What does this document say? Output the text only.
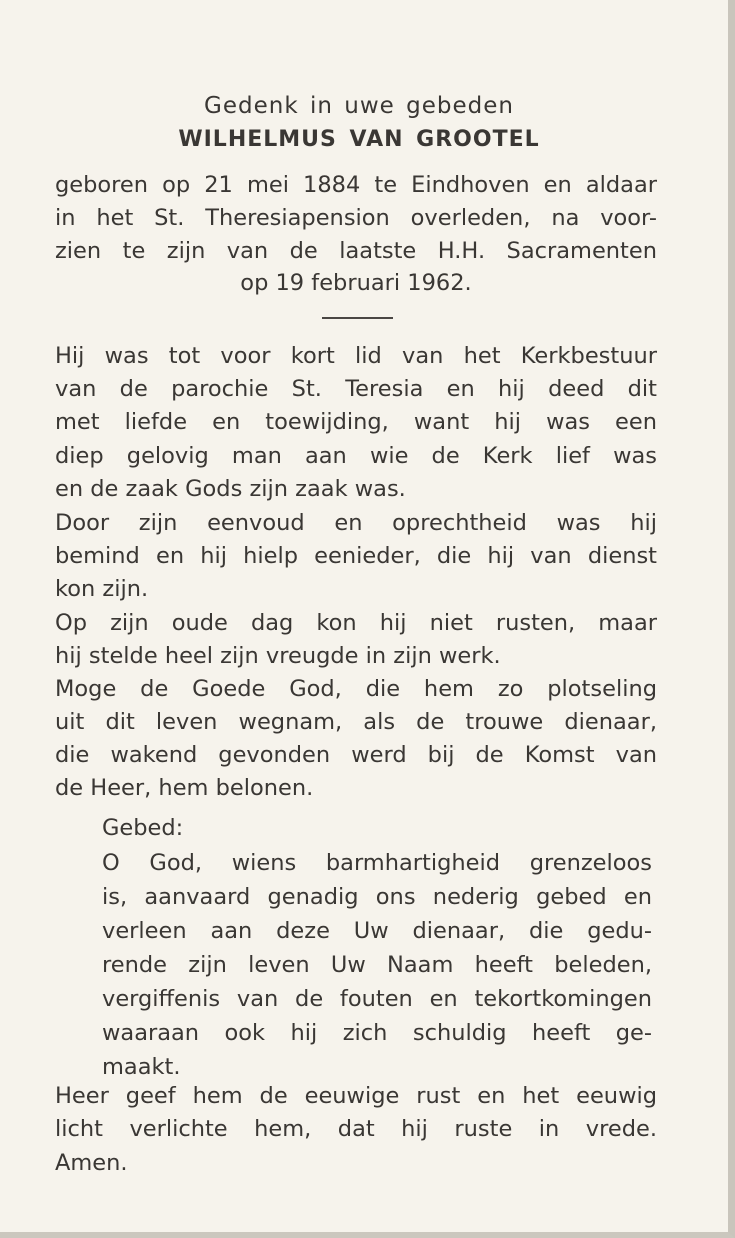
Gedenk in uwe gebeden
WILHELMUS VAN GROOTEL
geboren op 21 mei 1884 te Eindhoven en aldaar
in het St. Theresiapension overleden, na voor-
zien te zijn van de laatste H.H. Sacramenten
op 19 februari 1962.
Hij was tot voor kort lid van het Kerkbestuur
van de parochie St. Teresia en hij deed dit
met liefde en toewijding, want hij was een
diep gelovig man aan wie de Kerk lief was
en de zaak Gods zijn zaak was.
Door zijn eenvoud en oprechtheid was hij
bemind en hij hielp eenieder, die hij van dienst
kon zijn.
Op zijn oude dag kon hij niet rusten, maar
hij stelde heel zijn vreugde in zijn werk.
Moge de Goede God, die hem zo plotseling
uit dit leven wegnam, als de trouwe dienaar,
die wakend gevonden werd bij de Komst van
de Heer, hem belonen.
Gebed:
O God, wiens barmhartigheid grenzeloos
is, aanvaard genadig ons nederig gebed en
verleen aan deze Uw dienaar, die gedu-
rende zijn leven Uw Naam heeft beleden,
vergiffenis van de fouten en tekortkomingen
waaraan ook hij zich schuldig heeft ge-
maakt.
Heer geef hem de eeuwige rust en het eeuwig
licht verlichte hem, dat hij ruste in vrede.
Amen.
